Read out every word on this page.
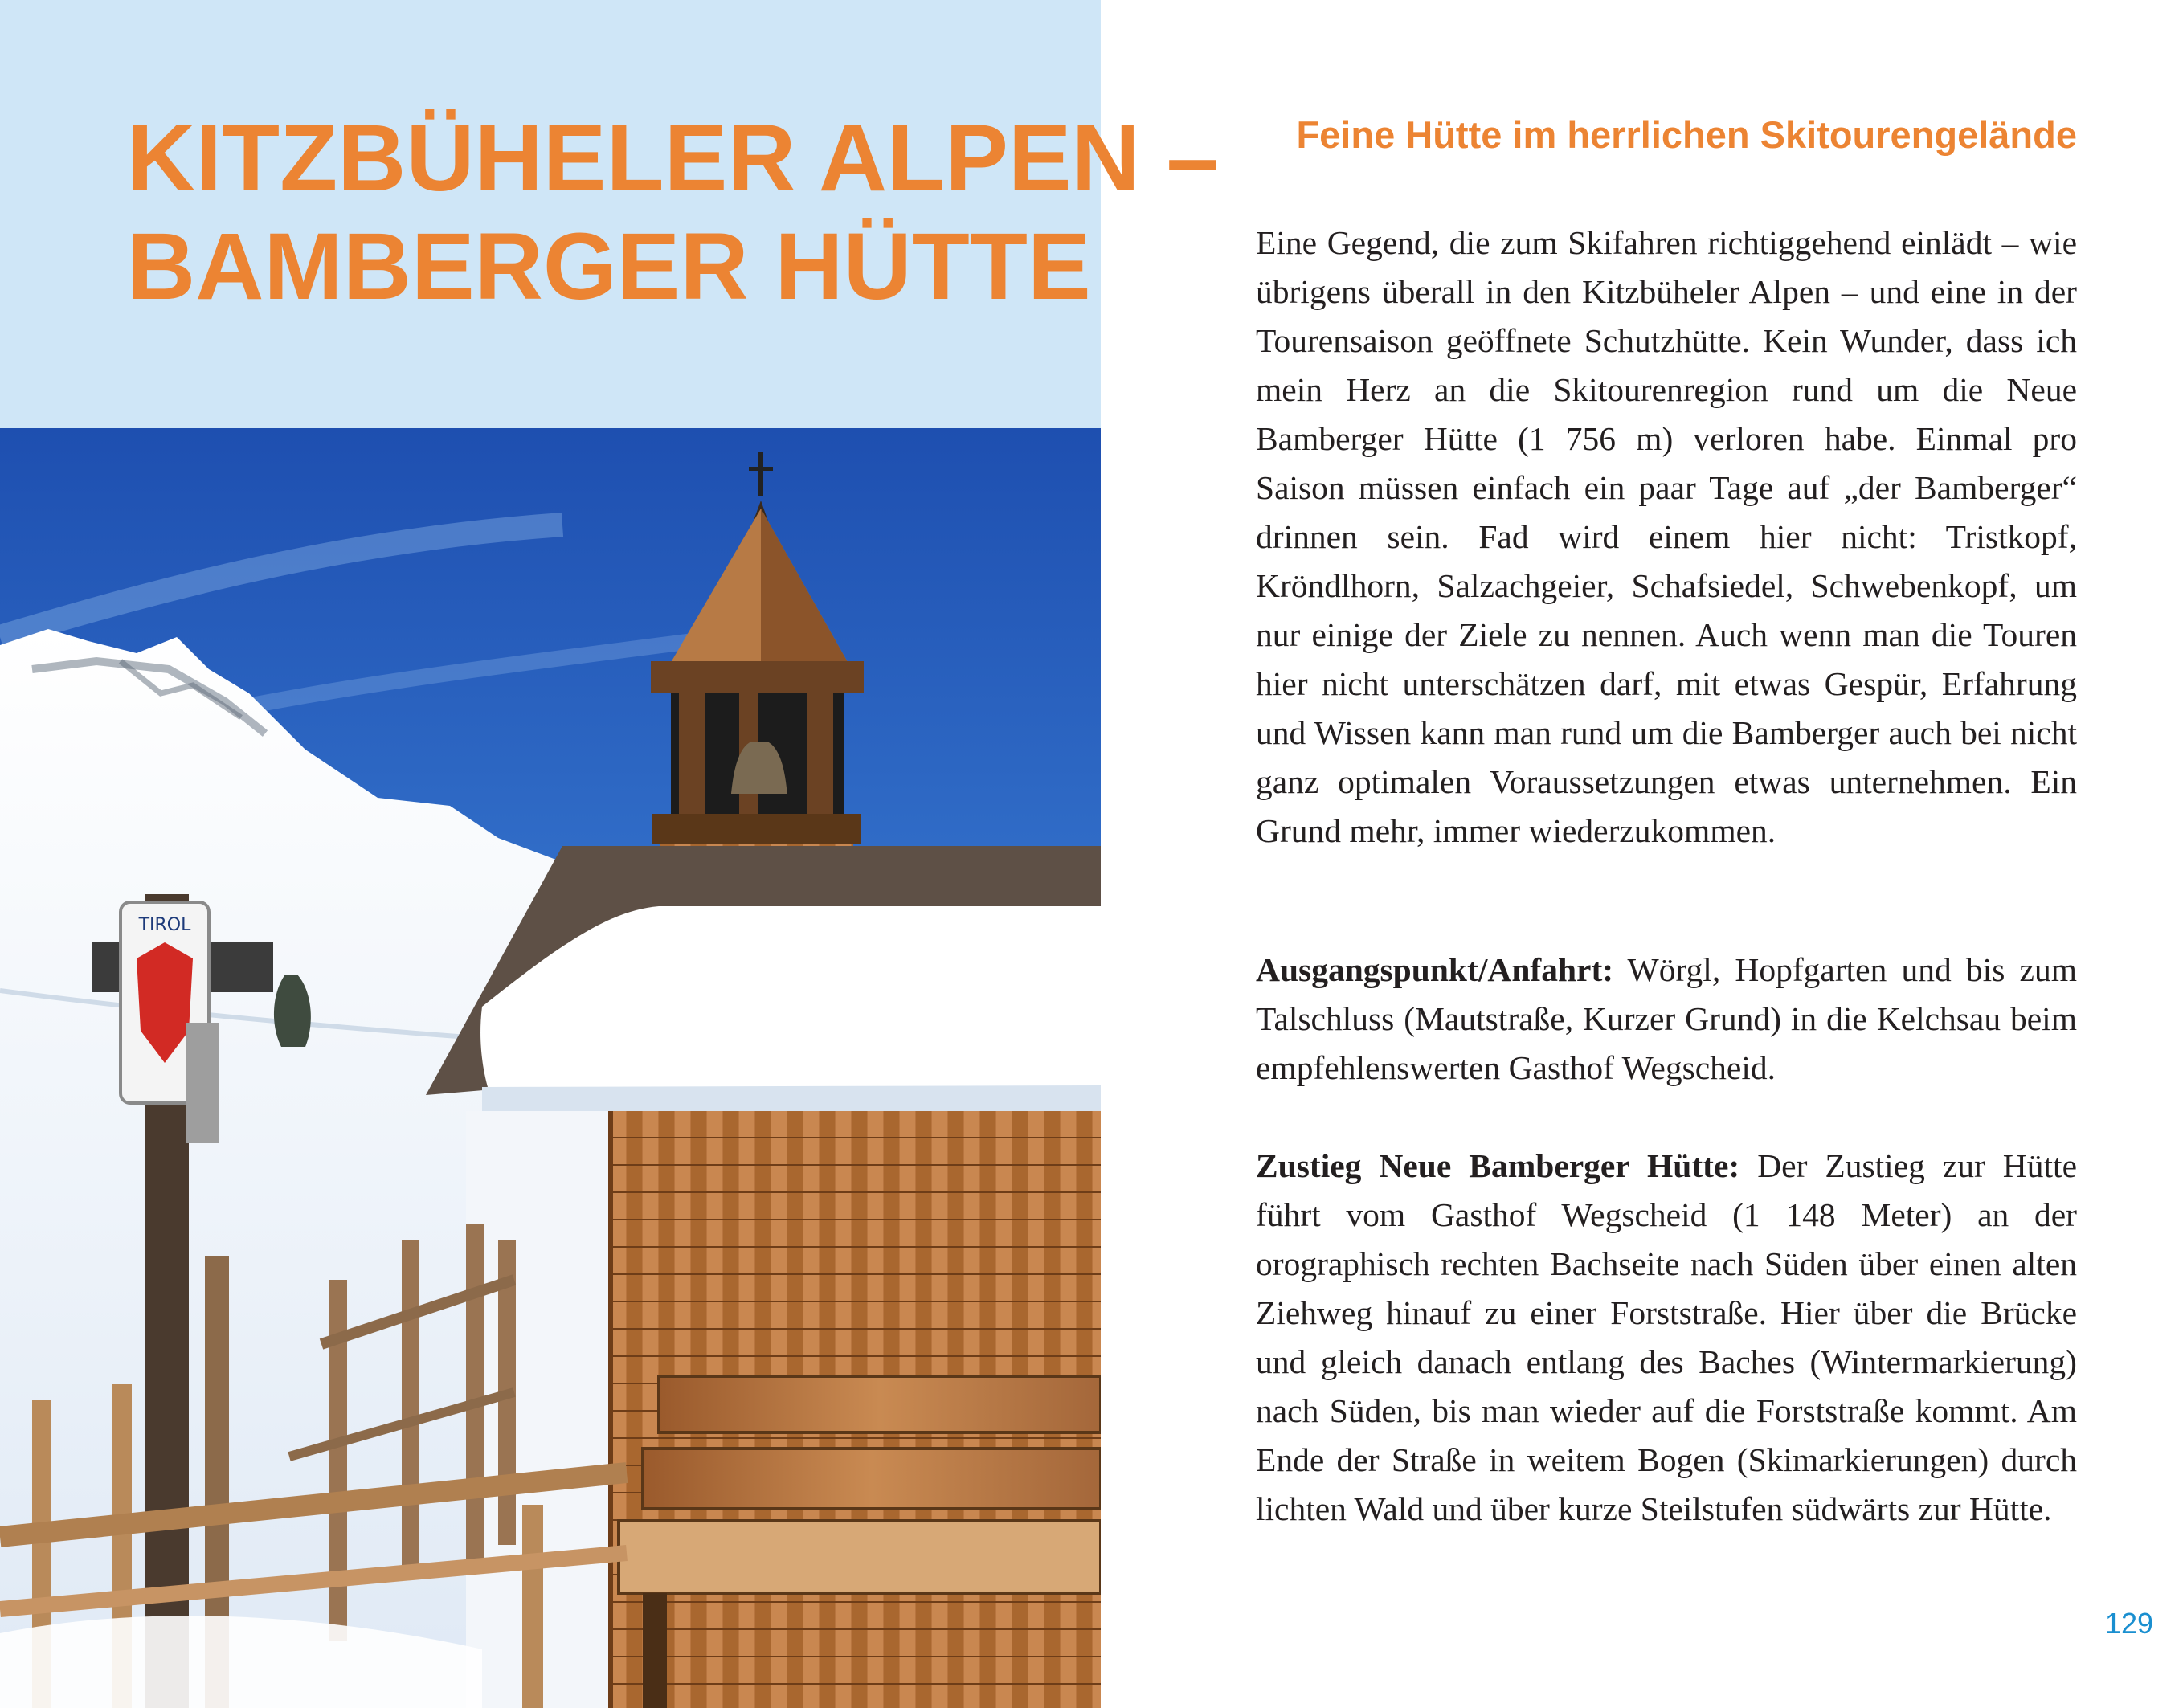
KITZBÜHELER ALPEN –
BAMBERGER HÜTTE
TIROL
Feine Hütte im herrlichen Skitourengelände

Eine Gegend, die zum Skifahren richtiggehend einlädt – wie übrigens überall in den Kitzbüheler Alpen – und eine in der Tourensaison geöffnete Schutzhütte. Kein Wunder, dass ich mein Herz an die Skitourenregion rund um die Neue Bamberger Hütte (1 756 m) verloren habe. Einmal pro Saison müssen einfach ein paar Tage auf „der Bamberger“ drinnen sein. Fad wird einem hier nicht: Tristkopf, Kröndlhorn, Salzachgeier, Schafsiedel, Schwebenkopf, um nur einige der Ziele zu nennen. Auch wenn man die Touren hier nicht unterschätzen darf, mit etwas Gespür, Erfahrung und Wissen kann man rund um die Bamberger auch bei nicht ganz optimalen Voraussetzungen etwas unternehmen. Ein Grund mehr, immer wiederzukommen.

Ausgangspunkt/Anfahrt: Wörgl, Hopfgarten und bis zum Talschluss (Mautstraße, Kurzer Grund) in die Kelchsau beim empfehlenswerten Gasthof Wegscheid.

Zustieg Neue Bamberger Hütte: Der Zustieg zur Hütte führt vom Gasthof Wegscheid (1 148 Meter) an der orographisch rechten Bachseite nach Süden über einen alten Ziehweg hinauf zu einer Forststraße. Hier über die Brücke und gleich danach entlang des Baches (Wintermarkierung) nach Süden, bis man wieder auf die Forststraße kommt. Am Ende der Straße in weitem Bogen (Skimarkierungen) durch lichten Wald und über kurze Steilstufen südwärts zur Hütte.

129
